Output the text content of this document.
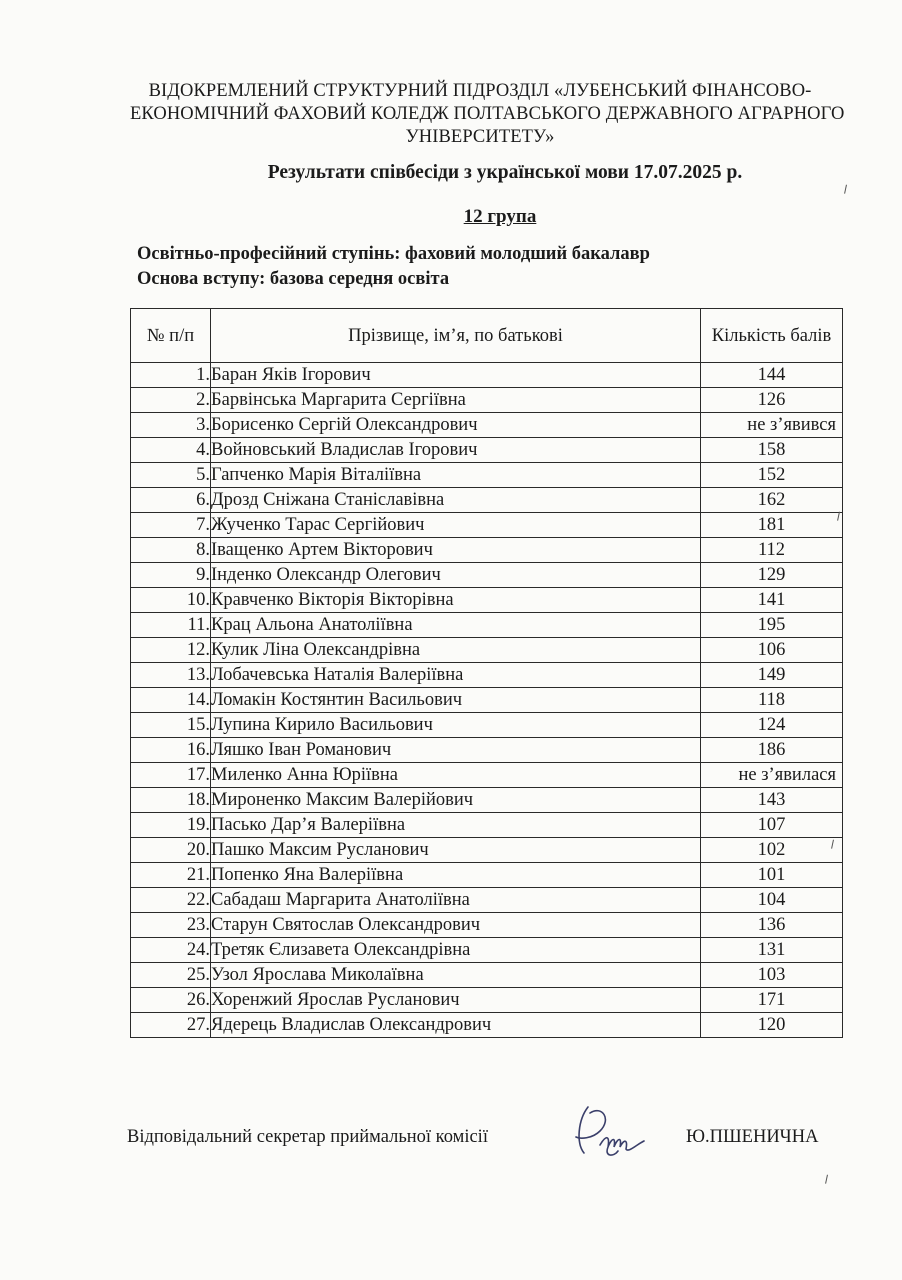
ВІДОКРЕМЛЕНИЙ СТРУКТУРНИЙ ПІДРОЗДІЛ «ЛУБЕНСЬКИЙ ФІНАНСОВО-
ЕКОНОМІЧНИЙ ФАХОВИЙ КОЛЕДЖ ПОЛТАВСЬКОГО ДЕРЖАВНОГО АГРАРНОГО
УНІВЕРСИТЕТУ»
Результати співбесіди з української мови 17.07.2025 р.
12 група
Освітньо-професійний ступінь: фаховий молодший бакалавр
Основа вступу: базова середня освіта
№ п/п	Прізвище, ім’я, по батькові	Кількість балів
1.	Баран Яків Ігорович	144
2.	Барвінська Маргарита Сергіївна	126
3.	Борисенко Сергій Олександрович	не з’явився
4.	Войновський Владислав Ігорович	158
5.	Гапченко Марія Віталіївна	152
6.	Дрозд Сніжана Станіславівна	162
7.	Жученко Тарас Сергійович	181
8.	Іващенко Артем Вікторович	112
9.	Інденко Олександр Олегович	129
10.	Кравченко Вікторія Вікторівна	141
11.	Крац Альона Анатоліївна	195
12.	Кулик Ліна Олександрівна	106
13.	Лобачевська Наталія Валеріївна	149
14.	Ломакін Костянтин Васильович	118
15.	Лупина Кирило Васильович	124
16.	Ляшко Іван Романович	186
17.	Миленко Анна Юріївна	не з’явилася
18.	Мироненко Максим Валерійович	143
19.	Пасько Дар’я Валеріївна	107
20.	Пашко Максим Русланович	102
21.	Попенко Яна Валеріївна	101
22.	Сабадаш Маргарита Анатоліївна	104
23.	Старун Святослав Олександрович	136
24.	Третяк Єлизавета Олександрівна	131
25.	Узол Ярослава Миколаївна	103
26.	Хоренжий Ярослав Русланович	171
27.	Ядерець Владислав Олександрович	120
Відповідальний секретар приймальної комісії	Ю.ПШЕНИЧНА
